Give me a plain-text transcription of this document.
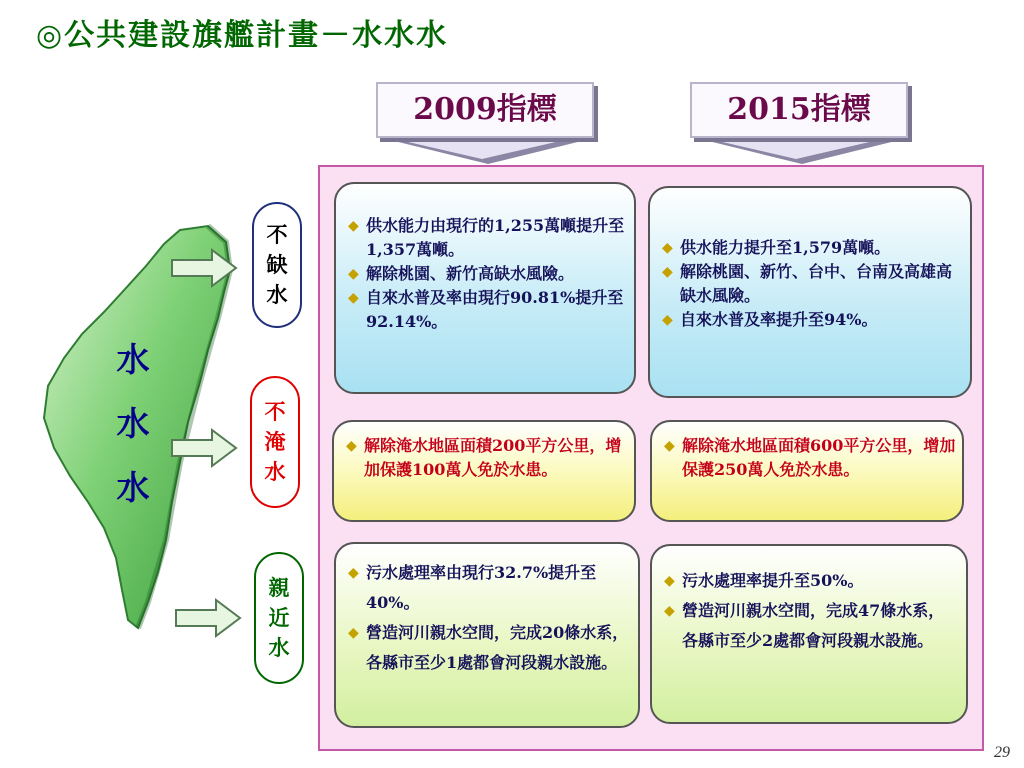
◎公共建設旗艦計畫－水水水
水
水
水
不
缺
水
不
淹
水
親
近
水
2009指標	2015指標
◆ 供水能力由現行的1,255萬噸提升至1,357萬噸。
◆ 解除桃園、新竹高缺水風險。
◆ 自來水普及率由現行90.81%提升至92.14%。
◆ 供水能力提升至1,579萬噸。
◆ 解除桃園、新竹、台中、台南及高雄高缺水風險。
◆ 自來水普及率提升至94%。
◆ 解除淹水地區面積200平方公里，增加保護100萬人免於水患。
◆ 解除淹水地區面積600平方公里，增加保護250萬人免於水患。
◆ 污水處理率由現行32.7%提升至40%。
◆ 營造河川親水空間，完成20條水系，各縣市至少1處都會河段親水設施。
◆ 污水處理率提升至50%。
◆ 營造河川親水空間，完成47條水系，各縣市至少2處都會河段親水設施。
29
